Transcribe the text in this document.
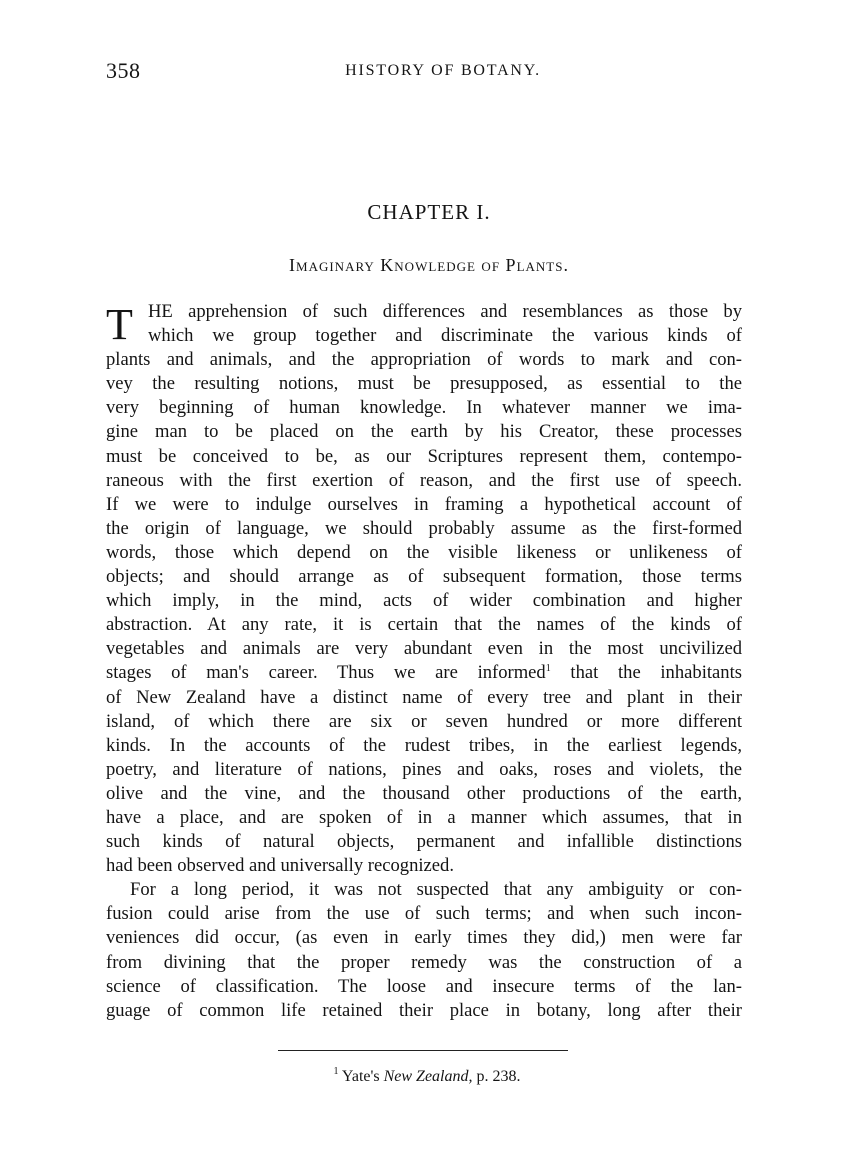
358	HISTORY OF BOTANY.
CHAPTER I.
Imaginary Knowledge of Plants.
T HE apprehension of such differences and resemblances as those by
which we group together and discriminate the various kinds of
plants and animals, and the appropriation of words to mark and con-
vey the resulting notions, must be presupposed, as essential to the
very beginning of human knowledge. In whatever manner we ima-
gine man to be placed on the earth by his Creator, these processes
must be conceived to be, as our Scriptures represent them, contempo-
raneous with the first exertion of reason, and the first use of speech.
If we were to indulge ourselves in framing a hypothetical account of
the origin of language, we should probably assume as the first-formed
words, those which depend on the visible likeness or unlikeness of
objects; and should arrange as of subsequent formation, those terms
which imply, in the mind, acts of wider combination and higher
abstraction. At any rate, it is certain that the names of the kinds of
vegetables and animals are very abundant even in the most uncivilized
stages of man's career. Thus we are informed$^1$ that the inhabitants
of New Zealand have a distinct name of every tree and plant in their
island, of which there are six or seven hundred or more different
kinds. In the accounts of the rudest tribes, in the earliest legends,
poetry, and literature of nations, pines and oaks, roses and violets, the
olive and the vine, and the thousand other productions of the earth,
have a place, and are spoken of in a manner which assumes, that in
such kinds of natural objects, permanent and infallible distinctions
had been observed and universally recognized.
For a long period, it was not suspected that any ambiguity or con-
fusion could arise from the use of such terms; and when such incon-
veniences did occur, (as even in early times they did,) men were far
from divining that the proper remedy was the construction of a
science of classification. The loose and insecure terms of the lan-
guage of common life retained their place in botany, long after their
$^1$ Yate's New Zealand, p. 238.
